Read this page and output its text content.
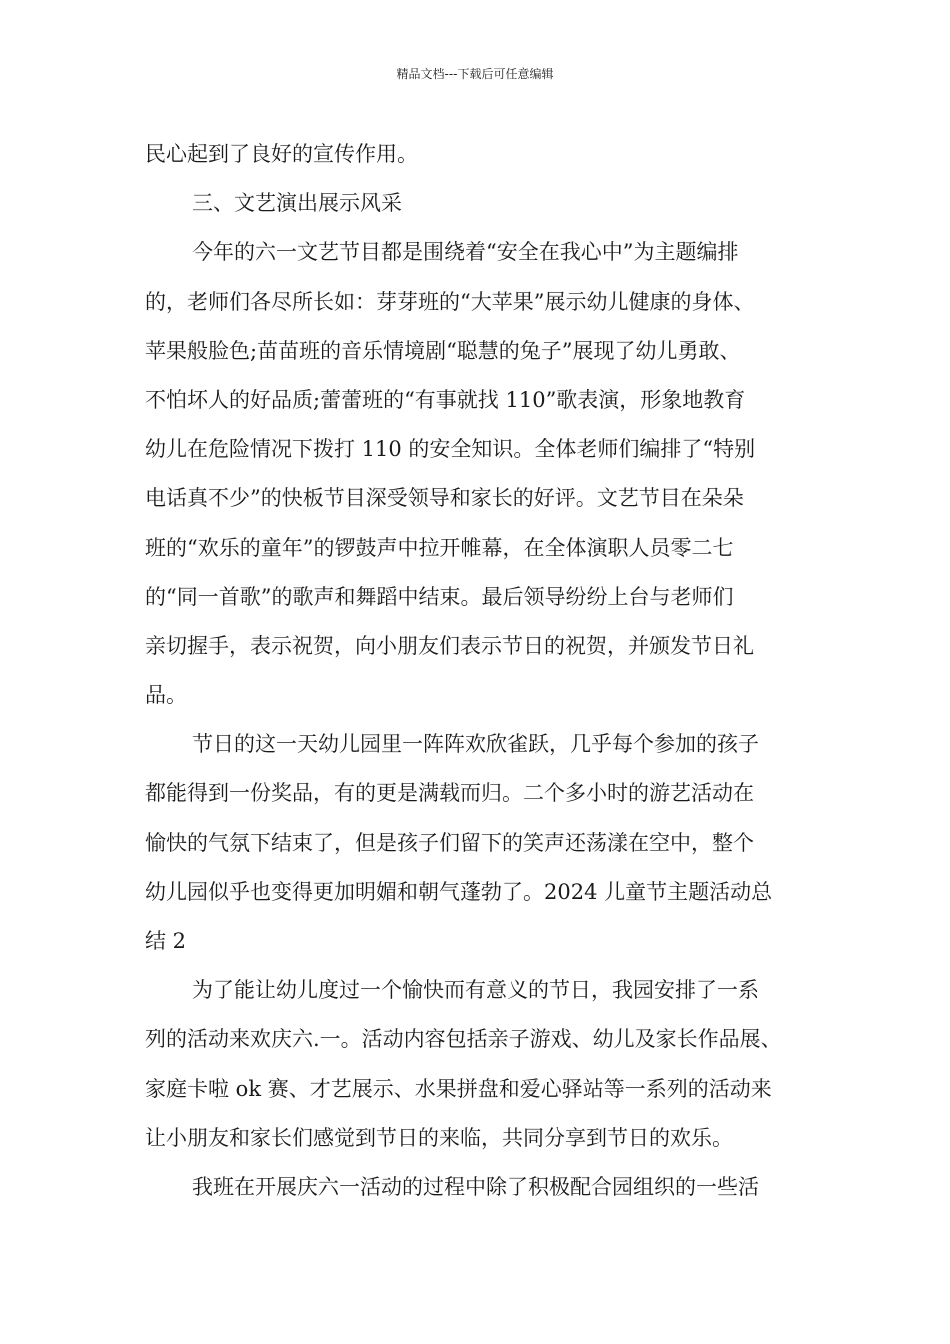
精品文档---下载后可任意编辑
民心起到了良好的宣传作用。
三、文艺演出展示风采
今年的六一文艺节目都是围绕着“安全在我心中”为主题编排
的，老师们各尽所长如：芽芽班的“大苹果”展示幼儿健康的身体、
苹果般脸色;苗苗班的音乐情境剧“聪慧的兔子”展现了幼儿勇敢、
不怕坏人的好品质;蕾蕾班的“有事就找 110”歌表演，形象地教育
幼儿在危险情况下拨打 110 的安全知识。全体老师们编排了“特别
电话真不少”的快板节目深受领导和家长的好评。文艺节目在朵朵
班的“欢乐的童年”的锣鼓声中拉开帷幕，在全体演职人员零二七
的“同一首歌”的歌声和舞蹈中结束。最后领导纷纷上台与老师们
亲切握手，表示祝贺，向小朋友们表示节日的祝贺，并颁发节日礼
品。
节日的这一天幼儿园里一阵阵欢欣雀跃，几乎每个参加的孩子
都能得到一份奖品，有的更是满载而归。二个多小时的游艺活动在
愉快的气氛下结束了，但是孩子们留下的笑声还荡漾在空中，整个
幼儿园似乎也变得更加明媚和朝气蓬勃了。2024 儿童节主题活动总
结 2
为了能让幼儿度过一个愉快而有意义的节日，我园安排了一系
列的活动来欢庆六.一。活动内容包括亲子游戏、幼儿及家长作品展、
家庭卡啦 ok 赛、才艺展示、水果拼盘和爱心驿站等一系列的活动来
让小朋友和家长们感觉到节日的来临，共同分享到节日的欢乐。
我班在开展庆六一活动的过程中除了积极配合园组织的一些活
